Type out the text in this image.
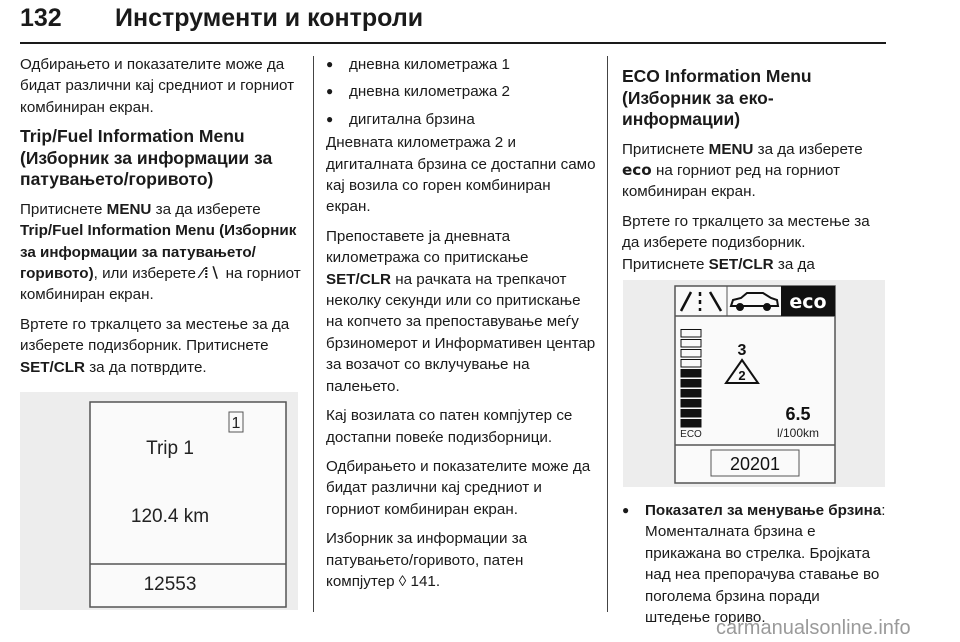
132 Инструменти и контроли

Одбирањето и показателите може да бидат различни кај средниот и горниот комбиниран екран.

Trip/Fuel Information Menu
(Изборник за информации за патувањето/горивото)

Притиснете MENU за да изберете Trip/Fuel Information Menu (Изборник за информации за патувањето/горивото), или изберете ⁄⁞∖ на горниот комбиниран екран.

Вртете го тркалцето за местење за да изберете подизборник. Притиснете SET/CLR за да потврдите.

1
Trip 1
120.4 km
12553

● дневна километража 1

● дневна километража 2

● дигитална брзина

Дневната километража 2 и дигиталната брзина се достапни само кај возила со горен комбиниран екран.

Препоставете ја дневната километража со притискање SET/CLR на рачката на трепкачот неколку секунди или со притискање на копчето за препоставување меѓу брзиномерот и Информативен центар за возачот со вклучување на палењето.

Кај возилата со патен компјутер се достапни повеќе подизборници.

Одбирањето и показателите може да бидат различни кај средниот и горниот комбиниран екран.

Изборник за информации за патувањето/горивото, патен компјутер ◊ 141.

ECO Information Menu
(Изборник за еко-информации)

Притиснете MENU за да изберете eco на горниот ред на горниот комбиниран екран.

Вртете го тркалцето за местење за да изберете подизборник. Притиснете SET/CLR за да

eco
ECO
3
2
6.5
l/100km
20201

● Показател за менување брзина: Моменталната брзина е прикажана во стрелка. Бројката над неа препорачува ставање во поголема брзина поради штедење гориво.

carmanualsonline.info
